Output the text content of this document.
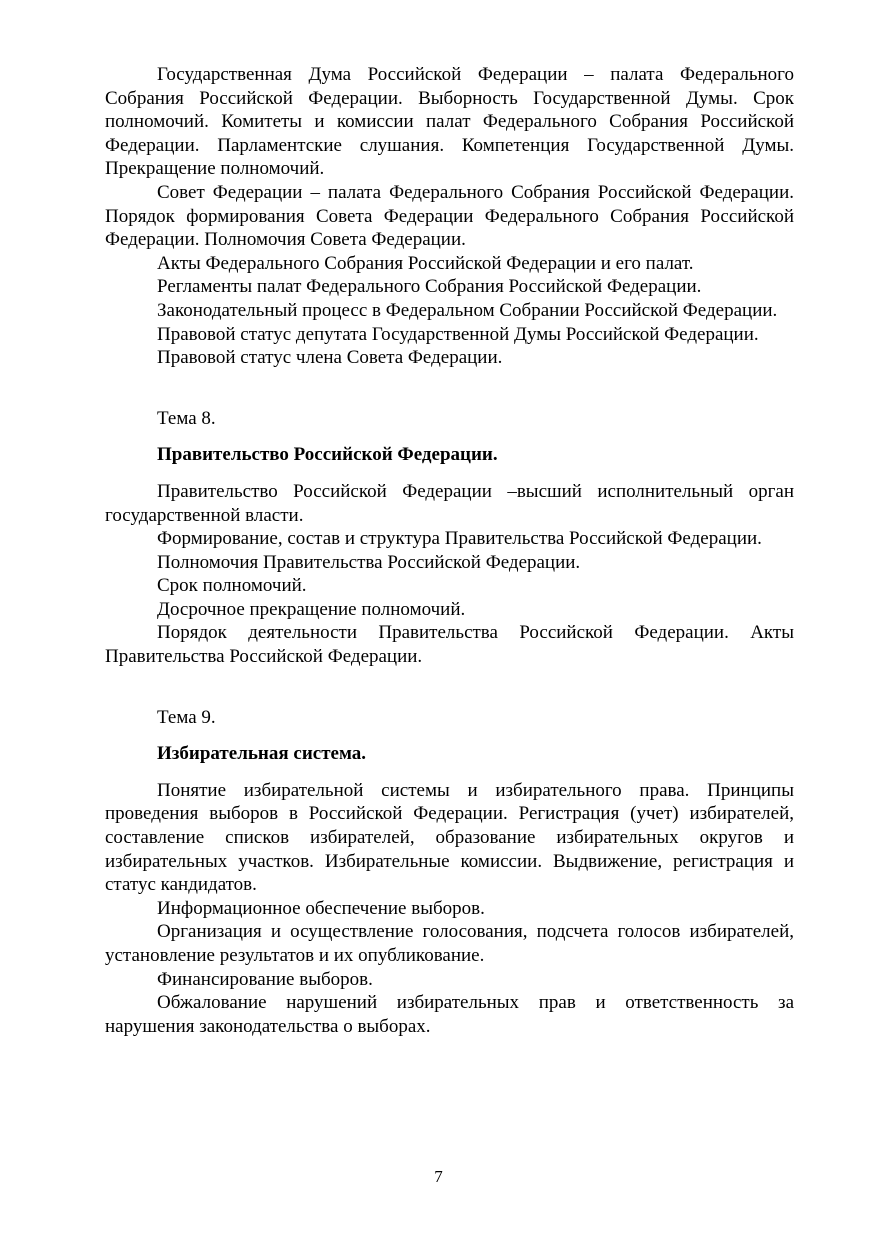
Государственная Дума Российской Федерации – палата Федерального Собрания Российской Федерации. Выборность Государственной Думы. Срок полномочий. Комитеты и комиссии палат Федерального Собрания Российской Федерации. Парламентские слушания. Компетенция Государственной Думы. Прекращение полномочий.

Совет Федерации – палата Федерального Собрания Российской Федерации. Порядок формирования Совета Федерации Федерального Собрания Российской Федерации. Полномочия Совета Федерации.

Акты Федерального Собрания Российской Федерации и его палат.

Регламенты палат Федерального Собрания Российской Федерации.

Законодательный процесс в Федеральном Собрании Российской Федерации.

Правовой статус депутата Государственной Думы Российской Федерации.

Правовой статус члена Совета Федерации.

Тема 8.

Правительство Российской Федерации.

Правительство Российской Федерации –высший исполнительный орган государственной власти.

Формирование, состав и структура Правительства Российской Федерации.

Полномочия Правительства Российской Федерации.

Срок полномочий.

Досрочное прекращение полномочий.

Порядок деятельности Правительства Российской Федерации. Акты Правительства Российской Федерации.

Тема 9.

Избирательная система.

Понятие избирательной системы и избирательного права. Принципы проведения выборов в Российской Федерации. Регистрация (учет) избирателей, составление списков избирателей, образование избирательных округов и избирательных участков. Избирательные комиссии. Выдвижение, регистрация и статус кандидатов.

Информационное обеспечение выборов.

Организация и осуществление голосования, подсчета голосов избирателей, установление результатов и их опубликование.

Финансирование выборов.

Обжалование нарушений избирательных прав и ответственность за нарушения законодательства о выборах.

7
